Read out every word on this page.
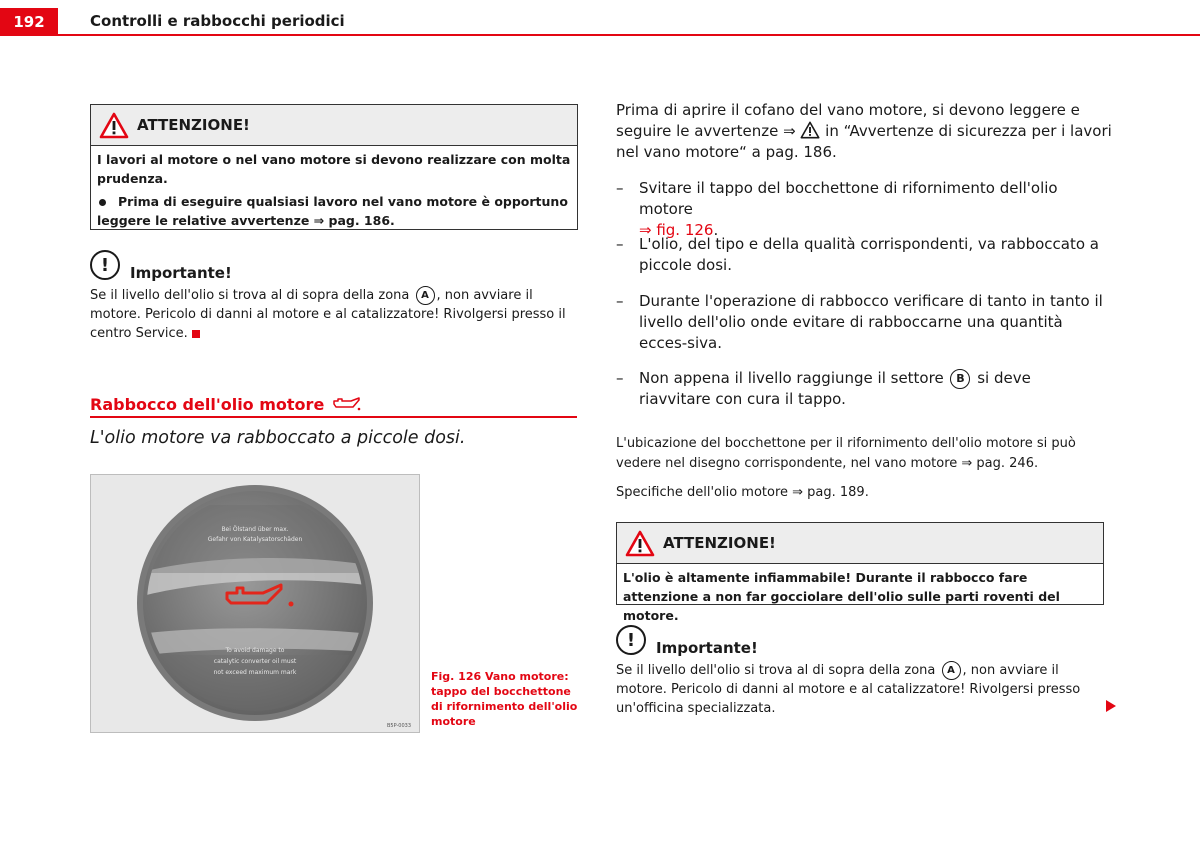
192	Controlli e rabbocchi periodici
ATTENZIONE!

I lavori al motore o nel vano motore si devono realizzare con molta prudenza.

Prima di eseguire qualsiasi lavoro nel vano motore è opportuno leggere le relative avvertenze ⇒ pag. 186.

!	Importante!
Se il livello dell'olio si trova al di sopra della zona A , non avviare il motore. Pericolo di danni al motore e al catalizzatore! Rivolgersi presso il centro Service.
Rabbocco dell'olio motore
L'olio motore va rabboccato a piccole dosi.
Bei Ölstand über max.
Gefahr von Katalysatorschäden
To avoid damage to
catalytic converter oil must
not exceed maximum mark
B5P-0033
Fig. 126 Vano motore: tappo del bocchettone di rifornimento dell'olio motore

Prima di aprire il cofano del vano motore, si devono leggere e seguire le avvertenze ⇒  in “Avvertenze di sicurezza per i lavori nel vano motore“ a pag. 186.

– Svitare il tappo del bocchettone di rifornimento dell'olio motore
⇒ fig. 126.
– L'olio, del tipo e della qualità corrispondenti, va rabboccato a piccole dosi.
– Durante l'operazione di rabbocco verificare di tanto in tanto il livello dell'olio onde evitare di rabboccarne una quantità ecces-siva.
– Non appena il livello raggiunge il settore B si deve riavvitare con cura il tappo.
L'ubicazione del bocchettone per il rifornimento dell'olio motore si può vedere nel disegno corrispondente, nel vano motore ⇒ pag. 246.
Specifiche dell'olio motore ⇒ pag. 189.
ATTENZIONE!

L'olio è altamente infiammabile! Durante il rabbocco fare attenzione a non far gocciolare dell'olio sulle parti roventi del motore.

!	Importante!
Se il livello dell'olio si trova al di sopra della zona A , non avviare il motore. Pericolo di danni al motore e al catalizzatore! Rivolgersi presso un'officina specializzata.
